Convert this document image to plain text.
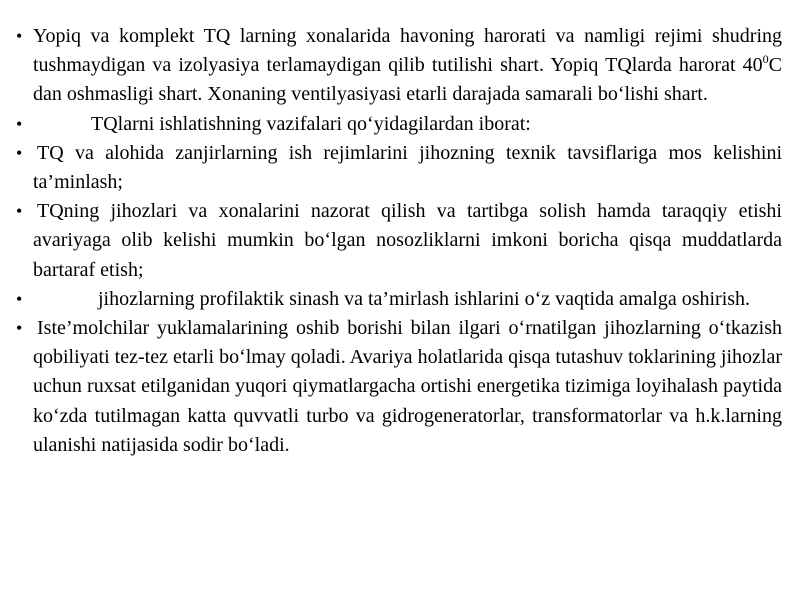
• Yopiq va komplekt TQ larning xonalarida havoning harorati va namligi rejimi shudring tushmaydigan va izolyasiya terlamaydigan qilib tutilishi shart. Yopiq TQlarda harorat $40^0C$ dan oshmasligi shart. Xonaning ventilyasiyasi etarli darajada samarali bo‘lishi shart.
•	TQlarni ishlatishning vazifalari qo‘yidagilardan iborat:
• TQ va alohida zanjirlarning ish rejimlarini jihozning texnik tavsiflariga mos kelishini ta’minlash;
• TQning jihozlari va xonalarini nazorat qilish va tartibga solish hamda taraqqiy etishi avariyaga olib kelishi mumkin bo‘lgan nosozliklarni imkoni boricha qisqa muddatlarda bartaraf etish;
•	jihozlarning profilaktik sinash va ta’mirlash ishlarini o‘z vaqtida amalga oshirish.
• Iste’molchilar yuklamalarining oshib borishi bilan ilgari o‘rnatilgan jihozlarning o‘tkazish qobiliyati tez-tez etarli bo‘lmay qoladi. Avariya holatlarida qisqa tutashuv toklarining jihozlar uchun ruxsat etilganidan yuqori qiymatlargacha ortishi energetika tizimiga loyihalash paytida ko‘zda tutilmagan katta quvvatli turbo va gidrogeneratorlar, transformatorlar va h.k.larning ulanishi natijasida sodir bo‘ladi.
